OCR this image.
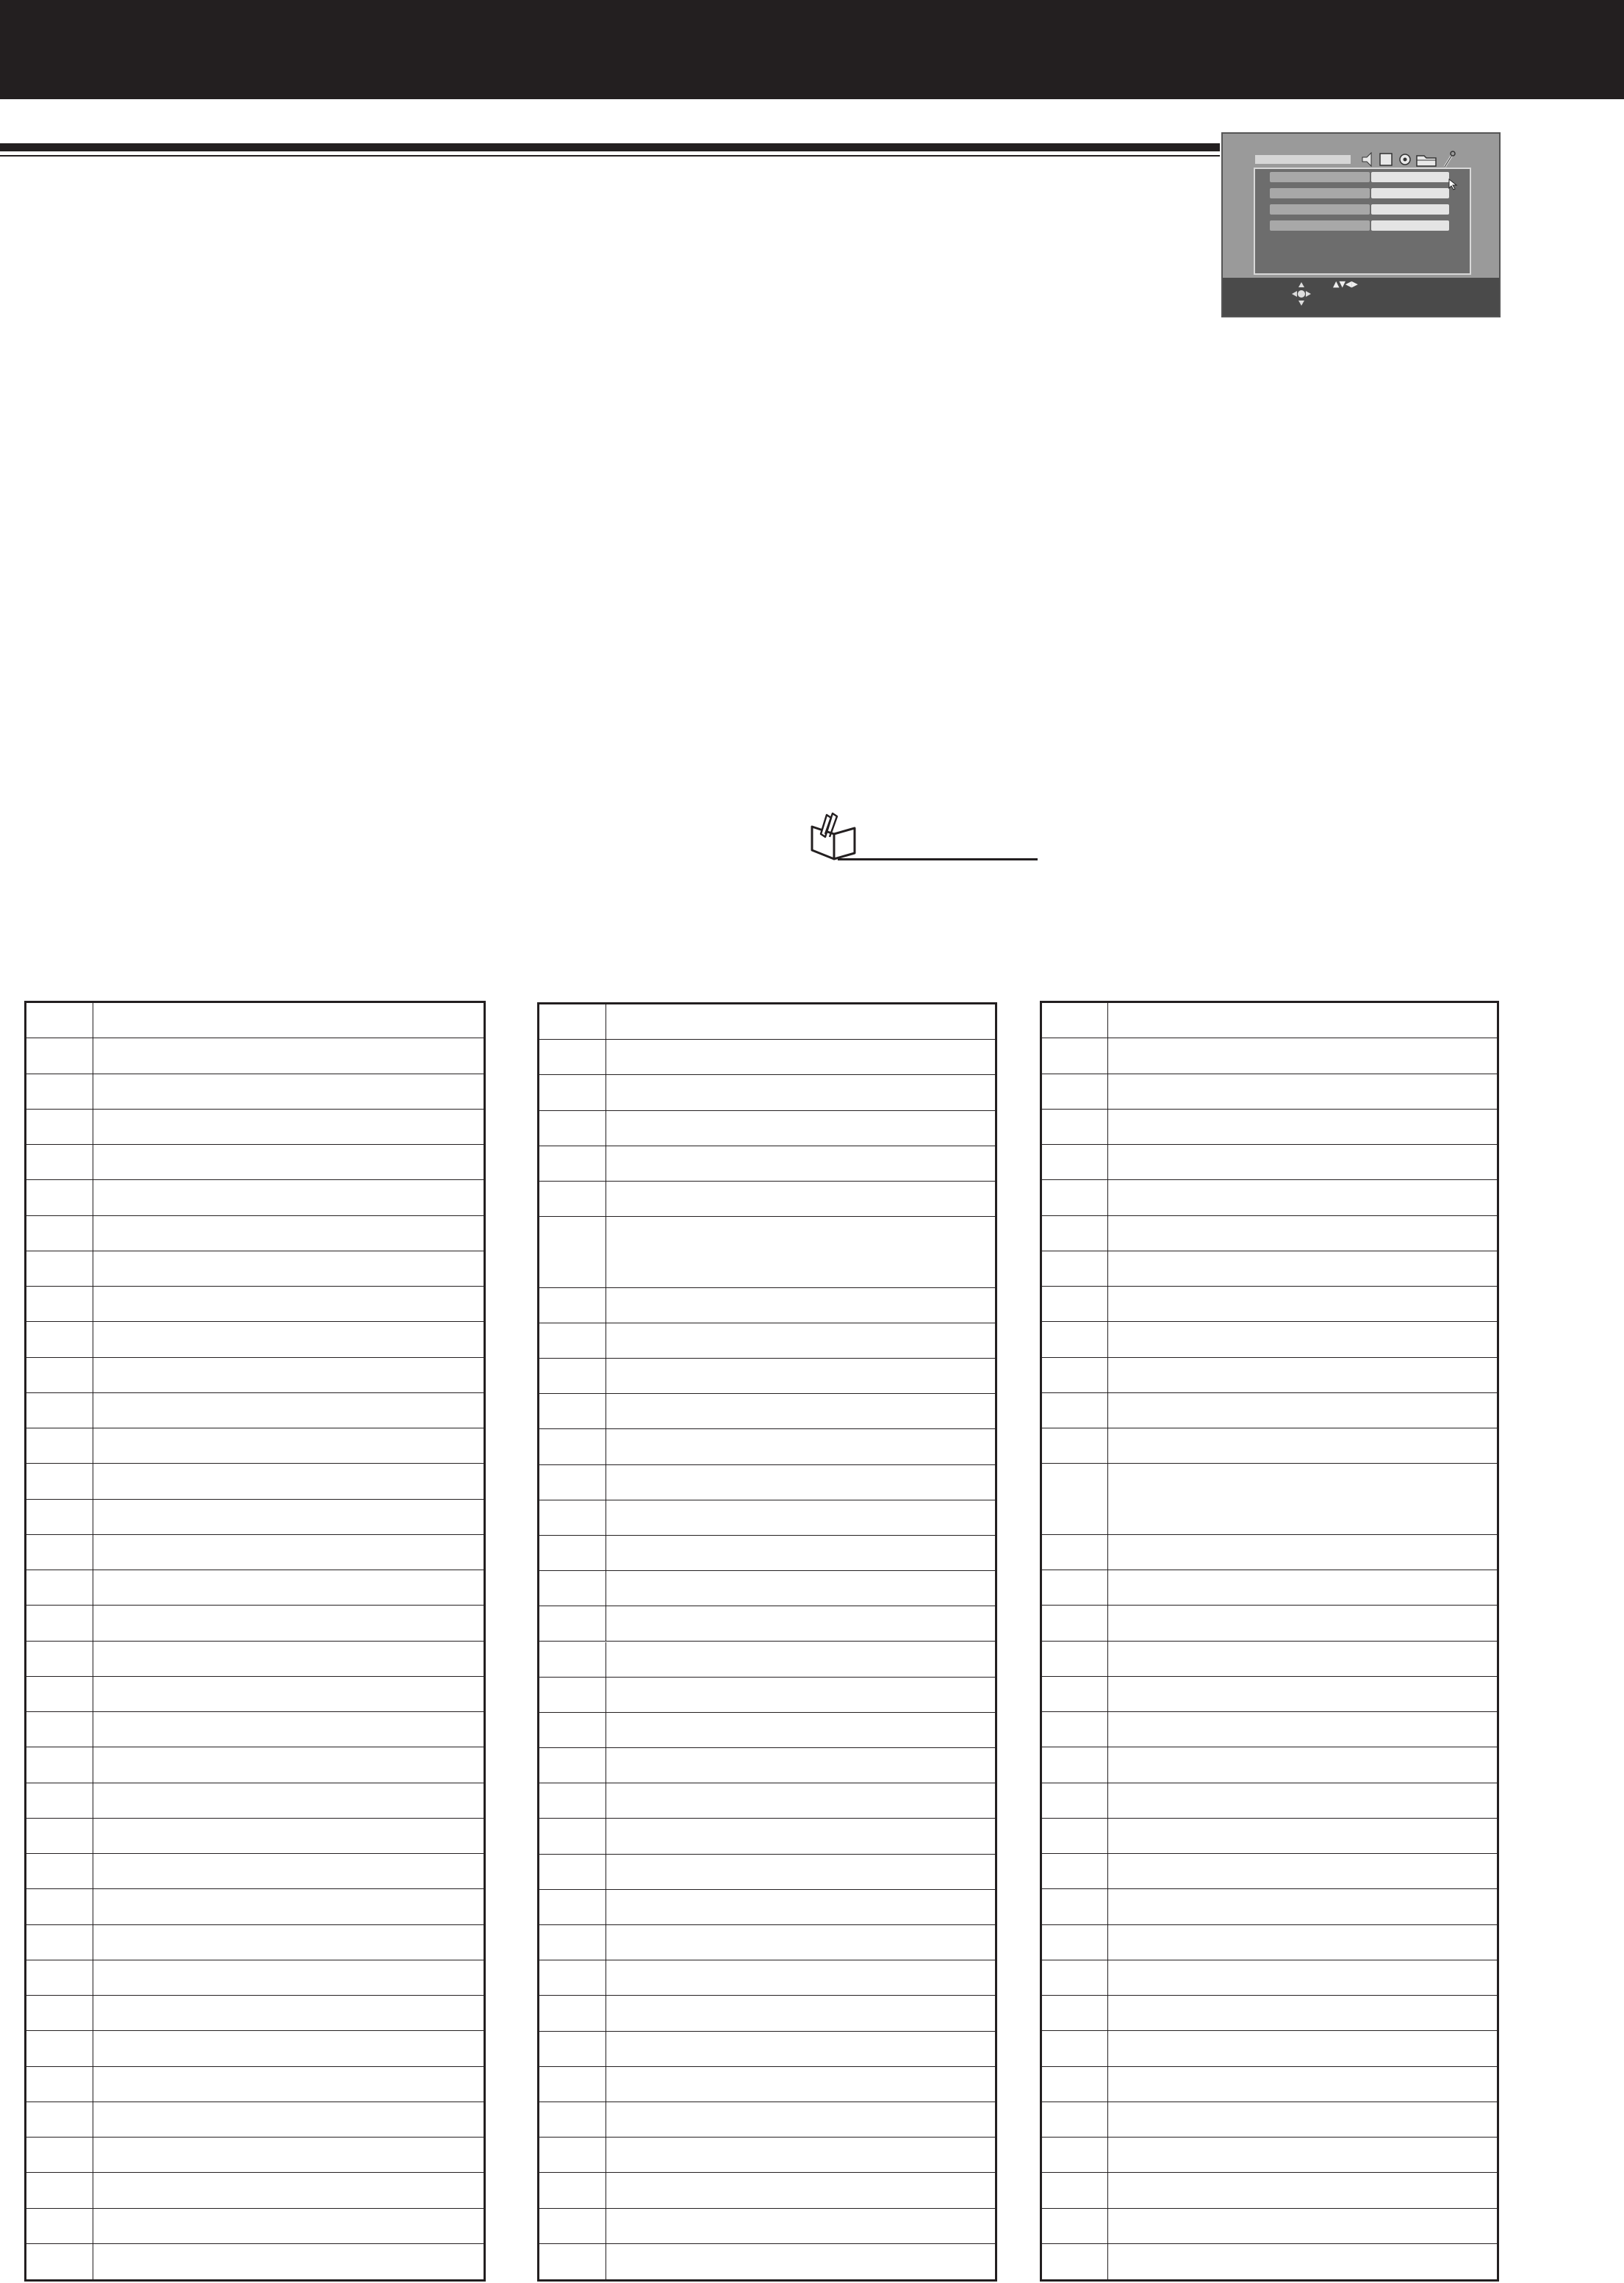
▲▼◀▶
